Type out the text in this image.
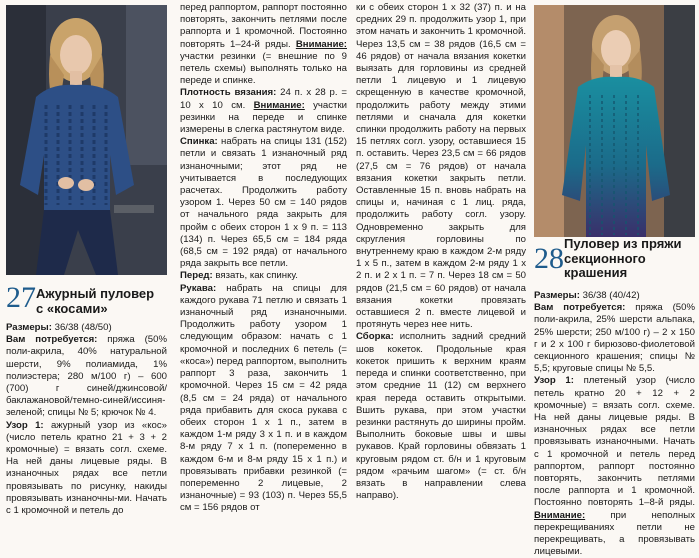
27 Ажурный пуловер
с «косами»

Размеры: 36/38 (48/50)

Вам потребуется: пряжа (50% поли-акрила, 40% натуральной шерсти, 9% полиамида, 1% полиэстера; 280 м/100 г) – 600 (700) г синей/джинсовой/баклажановой/темно-синей/иссиня-зеленой; спицы № 5; крючок № 4.

Узор 1: ажурный узор из «кос» (число петель кратно 21 + 3 + 2 кромочные) = вязать согл. схеме. На ней даны лицевые ряды. В изнаночных рядах все петли провязывать по рисунку, накиды провязывать изнаночны-ми. Начать с 1 кромочной и петель до

перед раппортом, раппорт постоянно повторять, закончить петлями после раппорта и 1 кромочной. Постоянно повторять 1–24-й ряды. Внимание: участки резинки (= внешние по 9 петель схемы) выполнять только на переде и спинке.

Плотность вязания: 24 п. х 28 р. = 10 х 10 см. Внимание: участки резинки на переде и спинке измерены в слегка растянутом виде.

Спинка: набрать на спицы 131 (152) петли и связать 1 изнаночный ряд изнаночными; этот ряд не учитывается в последующих расчетах. Продолжить работу узором 1. Через 50 см = 140 рядов от начального ряда закрыть для пройм с обеих сторон 1 х 9 п. = 113 (134) п. Через 65,5 см = 184 ряда (68,5 см = 192 ряда) от начального ряда закрыть все петли.

Перед: вязать, как спинку.

Рукава: набрать на спицы для каждого рукава 71 петлю и связать 1 изнаночный ряд изнаночными. Продолжить работу узором 1 следующим образом: начать с 1 кромочной и последних 6 петель (= «коса») перед раппортом, выполнить раппорт 3 раза, закончить 1 кромочной. Через 15 см = 42 ряда (8,5 см = 24 ряда) от начального ряда прибавить для скоса рукава с обеих сторон 1 х 1 п., затем в каждом 1-м ряду 3 х 1 п. и в каждом 8-м ряду 7 х 1 п. (попеременно в каждом 6-м и 8-м ряду 15 х 1 п.) и провязывать прибавки резинкой (= попеременно 2 лицевые, 2 изнаночные) = 93 (103) п. Через 55,5 см = 156 рядов от

ки с обеих сторон 1 х 32 (37) п. и на средних 29 п. продолжить узор 1, при этом начать и закончить 1 кромочной. Через 13,5 см = 38 рядов (16,5 см = 46 рядов) от начала вязания кокетки выязать для горловины из средней петли 1 лицевую и 1 лицевую скрещенную в качестве кромочной, продолжить работу между этими петлями и сначала для кокетки спинки продолжить работу на первых 15 петлях согл. узору, оставшиеся 15 п. оставить. Через 23,5 см = 66 рядов (27,5 см = 76 рядов) от начала вязания кокетки закрыть петли. Оставленные 15 п. вновь набрать на спицы и, начиная с 1 лиц. ряда, продолжить работу согл. узору. Одновременно закрыть для скругления горловины по внутреннему краю в каждом 2-м ряду 1 х 5 п., затем в каждом 2-м ряду 1 х 2 п. и 2 х 1 п. = 7 п. Через 18 см = 50 рядов (21,5 см = 60 рядов) от начала вязания кокетки провязать оставшиеся 2 п. вместе лицевой и протянуть через нее нить.

Сборка: исполнить задний средний шов кокеток. Продольные края кокеток пришить к верхним краям переда и спинки соответственно, при этом средние 11 (12) см верхнего края переда оставить открытыми. Вшить рукава, при этом участки резинки растянуть до ширины пройм. Выполнить боковые швы и швы рукавов. Край горловины обвязать 1 круговым рядом ст. б/н и 1 круговым рядом «рачьим шагом» (= ст. б/н вязать в направлении слева направо).

28 Пуловер из пряжи
секционного
крашения

Размеры: 36/38 (40/42)

Вам потребуется: пряжа (50% поли-акрила, 25% шерсти альпака, 25% шерсти; 250 м/100 г) – 2 х 150 г и 2 х 100 г бирюзово-фиолетовой секционного крашения; спицы № 5,5; круговые спицы № 5,5.

Узор 1: плетеный узор (число петель кратно 20 + 12 + 2 кромочные) = вязать согл. схеме. На ней даны лицевые ряды. В изнаночных рядах все петли провязывать изнаночными. Начать с 1 кромочной и петель перед раппортом, раппорт постоянно повторять, закончить петлями после раппорта и 1 кромочной. Постоянно повторять 1–8-й ряды. Внимание: при неполных перекрещиваниях петли не перекрещивать, а провязывать лицевыми.
